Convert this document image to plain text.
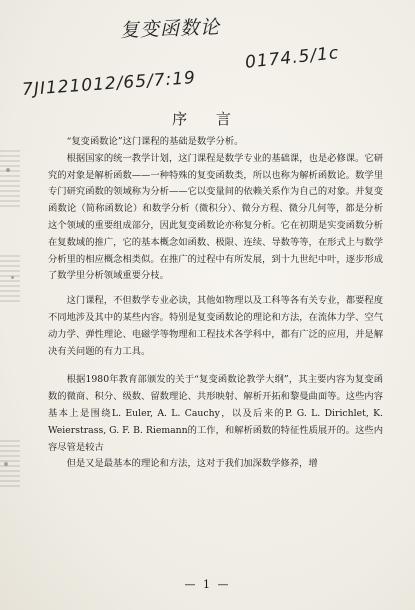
复变函数论
0174.5/1c
7JI121012/65/7:19
序 言

“复变函数论”这门课程的基础是数学分析。

根据国家的统一教学计划，这门课程是数学专业的基础课，也是必修课。它研究的对象是解析函数——一种特殊的复变函数类，所以也称为解析函数论。数学里专门研究函数的领域称为分析——它以变量间的依赖关系作为自己的对象。并复变函数论（简称函数论）和数学分析（微积分）、微分方程、微分几何等，都是分析这个领域的重要组成部分，因此复变函数论亦称复分析。它在初期是实变函数分析在复数域的推广，它的基本概念如函数、极限、连续、导数等等，在形式上与数学分析里的相应概念相类似。在推广的过程中有所发展，到十九世纪中叶，逐步形成了数学里分析领域重要分枝。

这门课程，不但数学专业必读，其他如物理以及工科等各有关专业，都要程度不同地涉及其中的某些内容。特别是复变函数论的理论和方法，在流体力学、空气动力学、弹性理论、电磁学等物理和工程技术各学科中，都有广泛的应用，并是解决有关问题的有力工具。

根据1980年教育部颁发的关于“复变函数论教学大纲”，其主要内容为复变函数的微商、积分、级数、留数理论、共形映射、解析开拓和黎曼曲面等。这些内容基本上是围绕L. Euler, A. L. Cauchy，以及后来的P. G. L. Dirichlet, K. Weierstrass, G. F. B. Riemann的工作，和解析函数的特征性质展开的。这些内容尽管是较古

但是又是最基本的理论和方法，这对于我们加深数学修养，增

— 1 —
